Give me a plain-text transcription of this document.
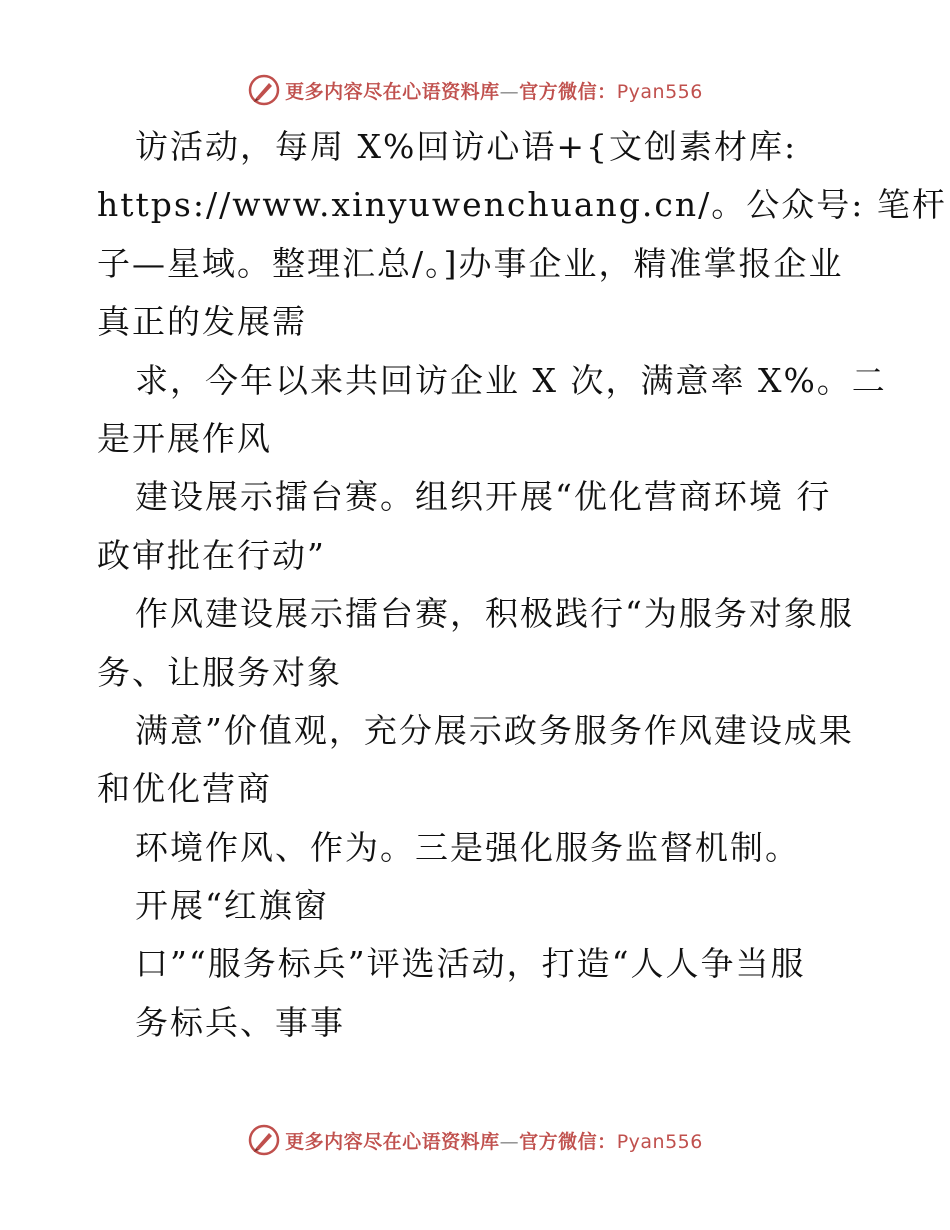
更多内容尽在心语资料库—官方微信：Pyan556
访活动，每周 X%回访心语+{文创素材库:
https://www.xinyuwenchuang.cn/。公众号: 笔杆
子—星域。整理汇总/。]办事企业，精准掌报企业
真正的发展需
求，今年以来共回访企业 X 次，满意率 X%。二
是开展作风
建设展示擂台赛。组织开展“优化营商环境 行
政审批在行动”
作风建设展示擂台赛，积极践行“为服务对象服
务、让服务对象
满意”价值观，充分展示政务服务作风建设成果
和优化营商
环境作风、作为。三是强化服务监督机制。
开展“红旗窗
口”“服务标兵”评选活动，打造“人人争当服
务标兵、事事
更多内容尽在心语资料库—官方微信：Pyan556
